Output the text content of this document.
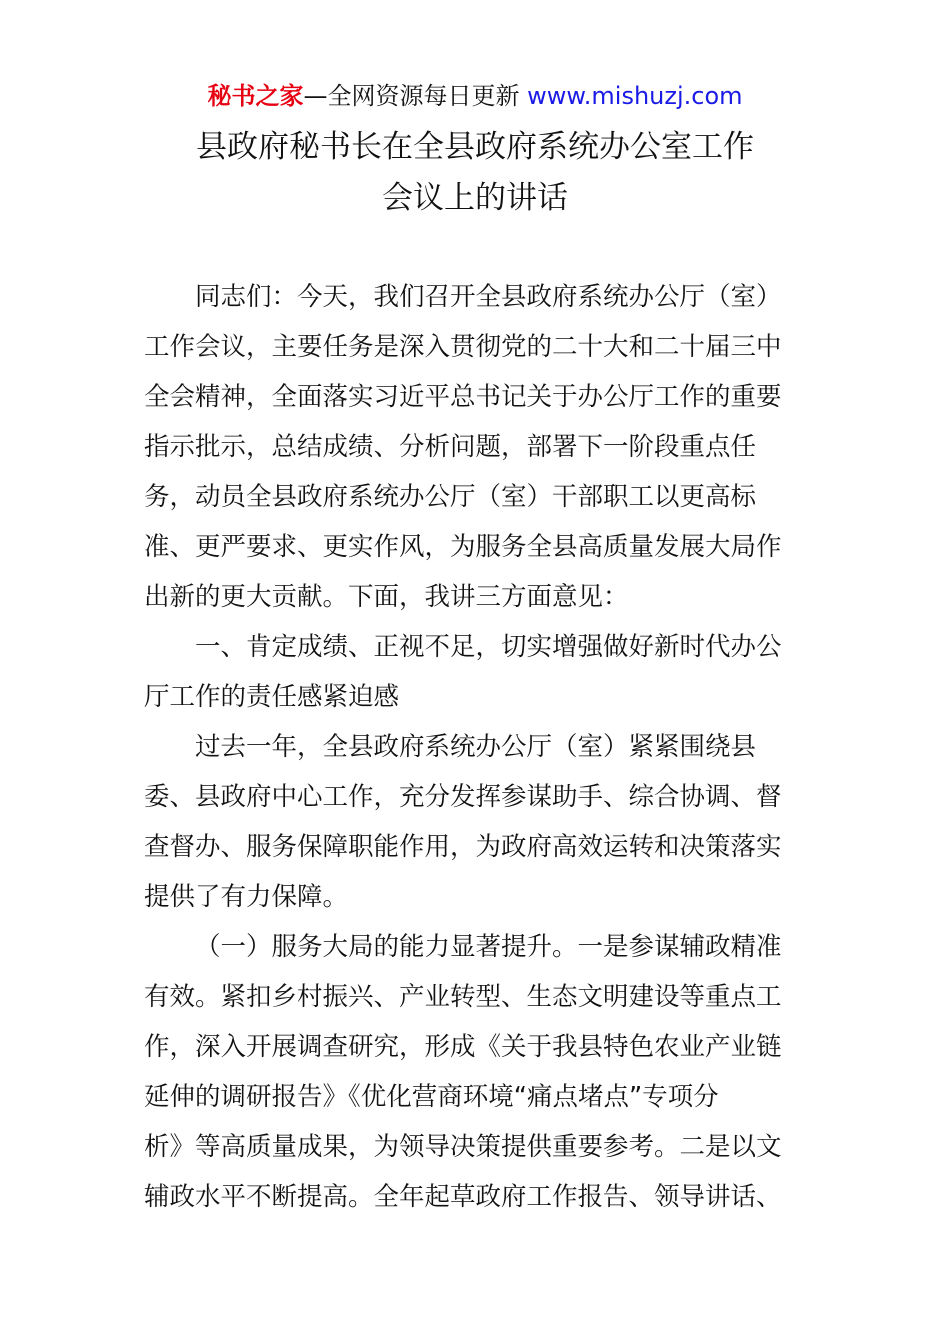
秘书之家—全网资源每日更新 www.mishuzj.com
县政府秘书长在全县政府系统办公室工作
会议上的讲话
同志们：今天，我们召开全县政府系统办公厅（室）
工作会议，主要任务是深入贯彻党的二十大和二十届三中
全会精神，全面落实习近平总书记关于办公厅工作的重要
指示批示，总结成绩、分析问题，部署下一阶段重点任
务，动员全县政府系统办公厅（室）干部职工以更高标
准、更严要求、更实作风，为服务全县高质量发展大局作
出新的更大贡献。下面，我讲三方面意见：
一、肯定成绩、正视不足，切实增强做好新时代办公
厅工作的责任感紧迫感
过去一年，全县政府系统办公厅（室）紧紧围绕县
委、县政府中心工作，充分发挥参谋助手、综合协调、督
查督办、服务保障职能作用，为政府高效运转和决策落实
提供了有力保障。
（一）服务大局的能力显著提升。一是参谋辅政精准
有效。紧扣乡村振兴、产业转型、生态文明建设等重点工
作，深入开展调查研究，形成《关于我县特色农业产业链
延伸的调研报告》《优化营商环境“痛点堵点”专项分
析》等高质量成果，为领导决策提供重要参考。二是以文
辅政水平不断提高。全年起草政府工作报告、领导讲话、
